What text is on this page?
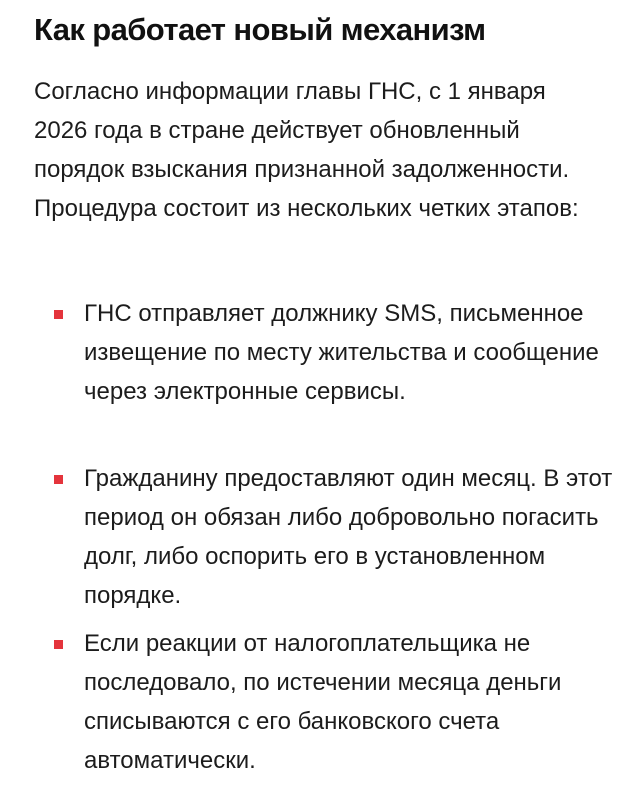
Как работает новый механизм

Согласно информации главы ГНС, с 1 января 2026 года в стране действует обновленный порядок взыскания признанной задолженности. Процедура состоит из нескольких четких этапов:

ГНС отправляет должнику SMS, письменное извещение по месту жительства и сообщение через электронные сервисы.
Гражданину предоставляют один месяц. В этот период он обязан либо добровольно погасить долг, либо оспорить его в установленном порядке.
Если реакции от налогоплательщика не последовало, по истечении месяца деньги списываются с его банковского счета автоматически.
